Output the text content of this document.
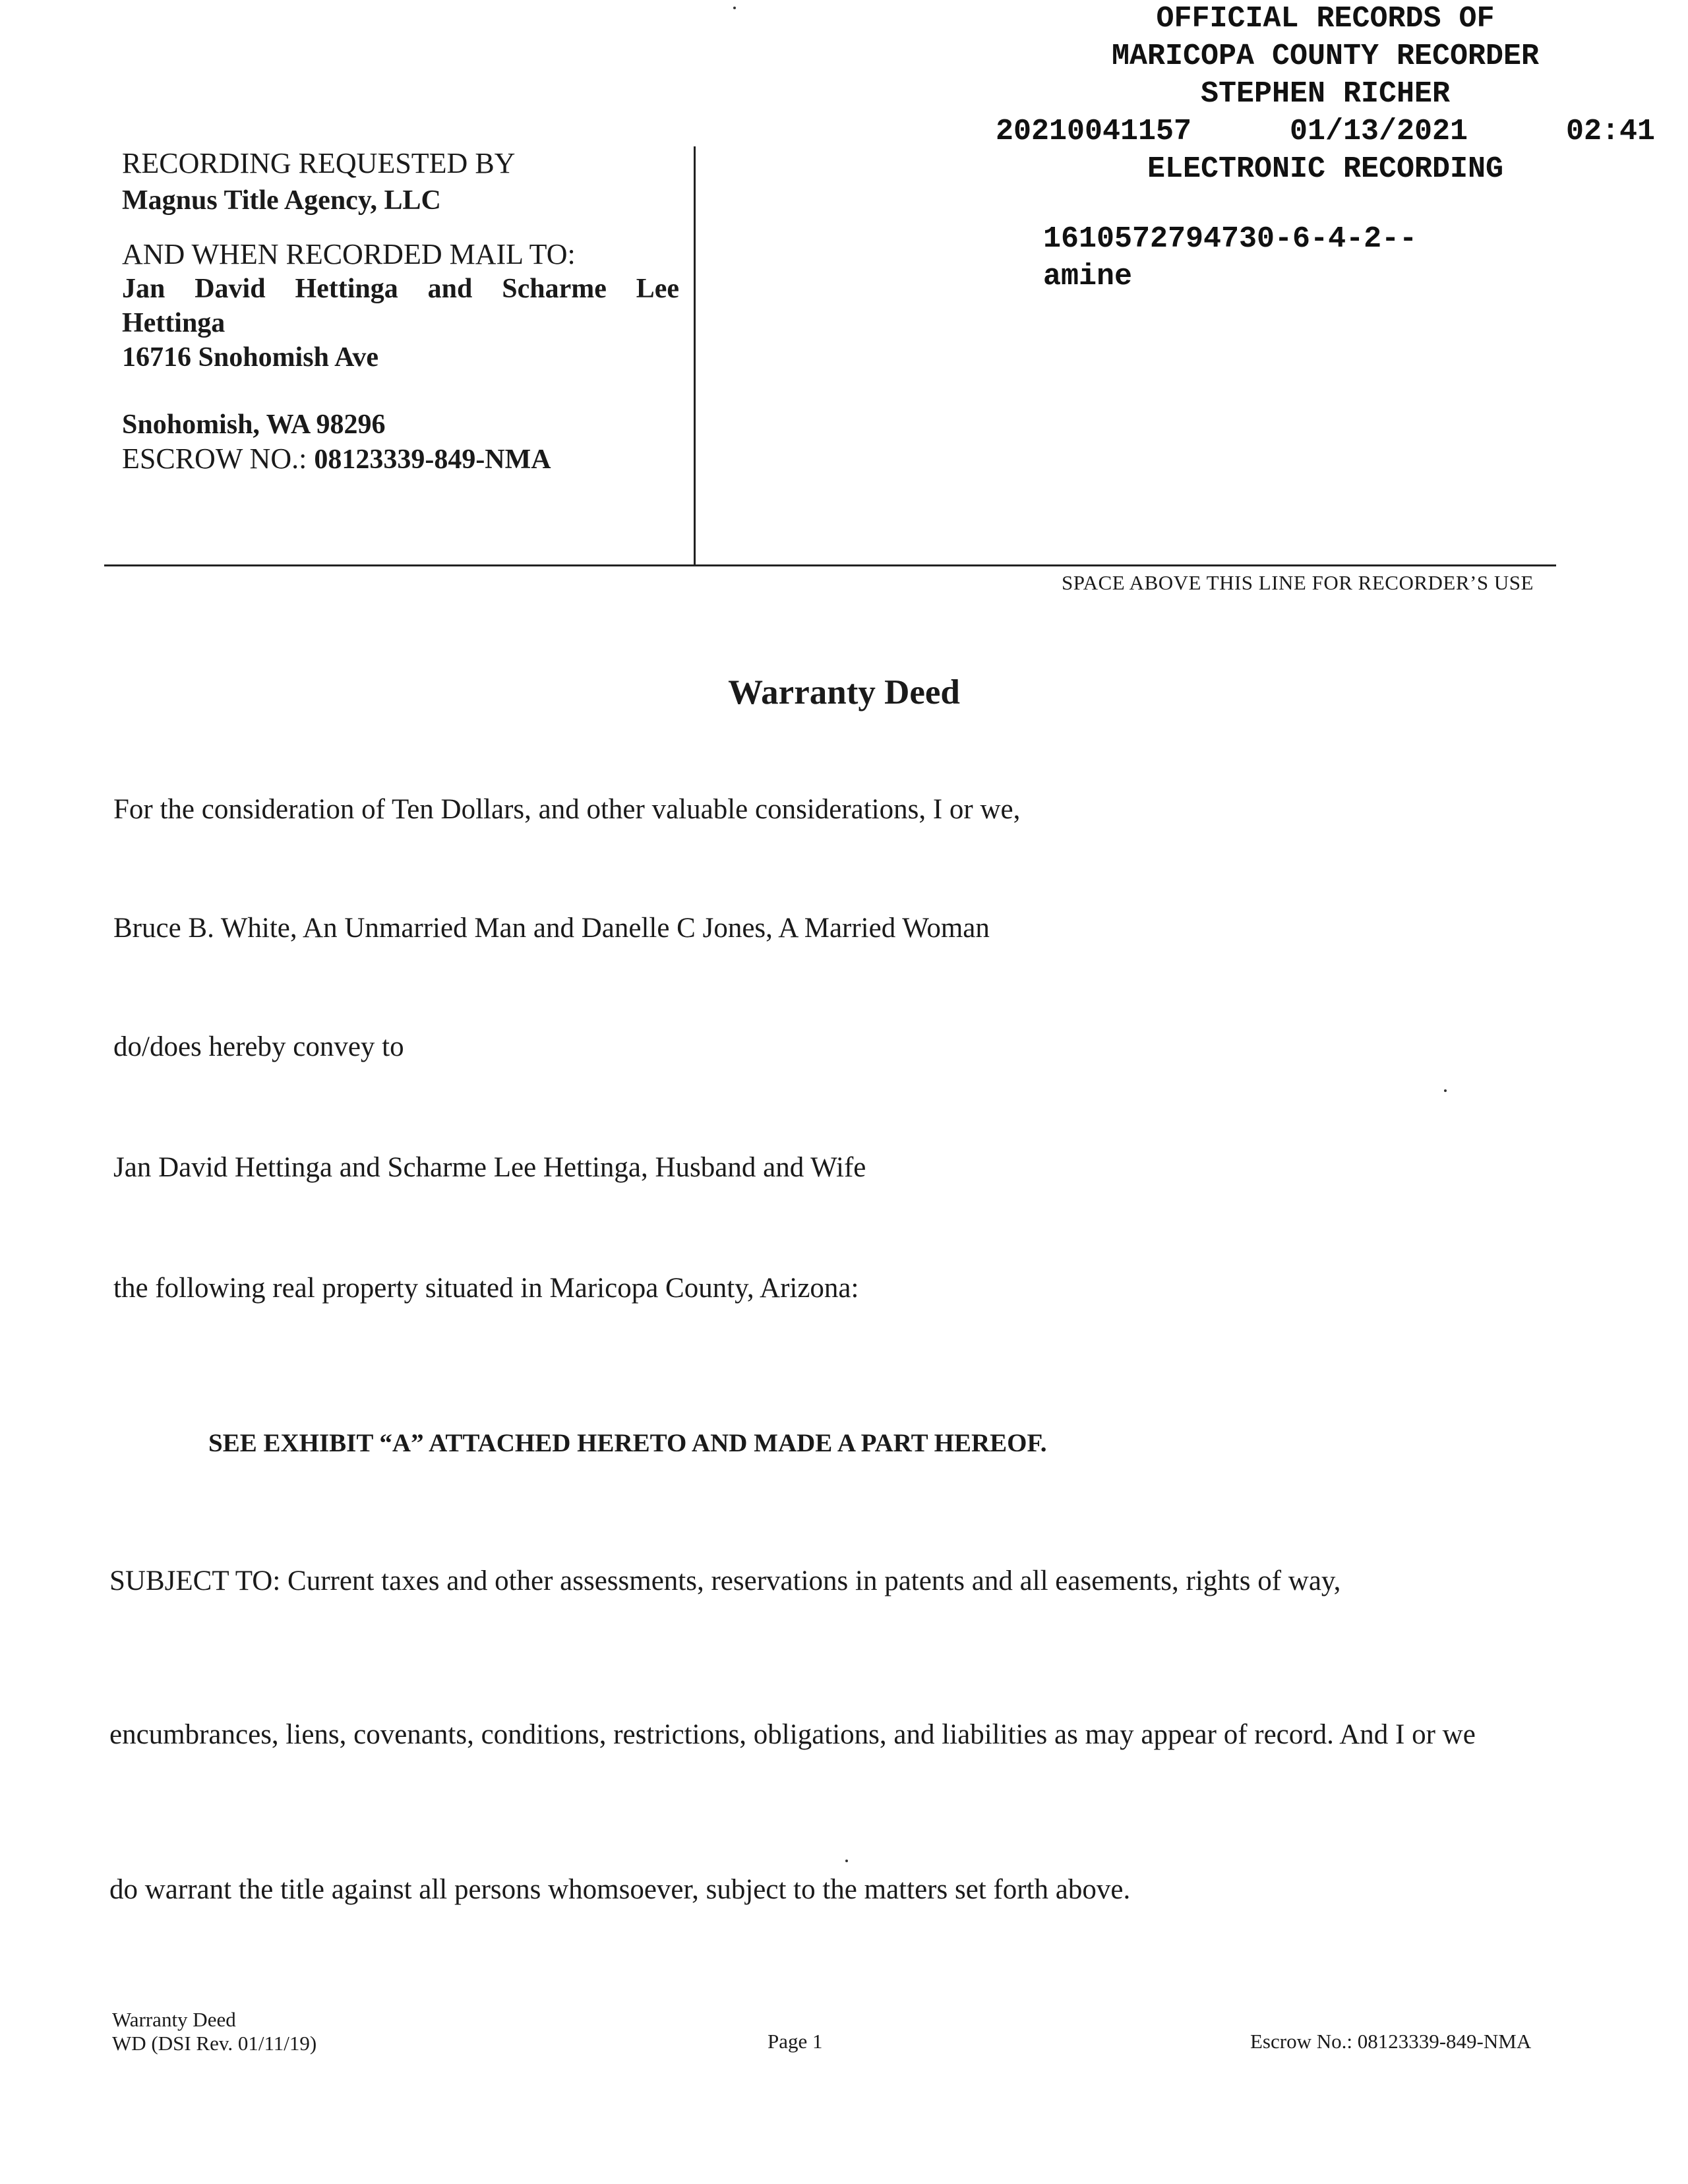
OFFICIAL RECORDS OF
MARICOPA COUNTY RECORDER
STEPHEN RICHER
20210041157	01/13/2021	02:41
ELECTRONIC RECORDING
1610572794730-6-4-2--
amine
RECORDING REQUESTED BY
Magnus Title Agency, LLC
AND WHEN RECORDED MAIL TO:
Jan David Hettinga and Scharme Lee
Hettinga
16716 Snohomish Ave
Snohomish, WA 98296
ESCROW NO.: 08123339-849-NMA
SPACE ABOVE THIS LINE FOR RECORDER’S USE
Warranty Deed
For the consideration of Ten Dollars, and other valuable considerations, I or we,
Bruce B. White, An Unmarried Man and Danelle C Jones, A Married Woman
do/does hereby convey to
Jan David Hettinga and Scharme Lee Hettinga, Husband and Wife
the following real property situated in Maricopa County, Arizona:
SEE EXHIBIT “A” ATTACHED HERETO AND MADE A PART HEREOF.
SUBJECT TO: Current taxes and other assessments, reservations in patents and all easements, rights of way,
encumbrances, liens, covenants, conditions, restrictions, obligations, and liabilities as may appear of record. And I or we
do warrant the title against all persons whomsoever, subject to the matters set forth above.
Warranty Deed
WD (DSI Rev. 01/11/19)	Page 1	Escrow No.: 08123339-849-NMA
